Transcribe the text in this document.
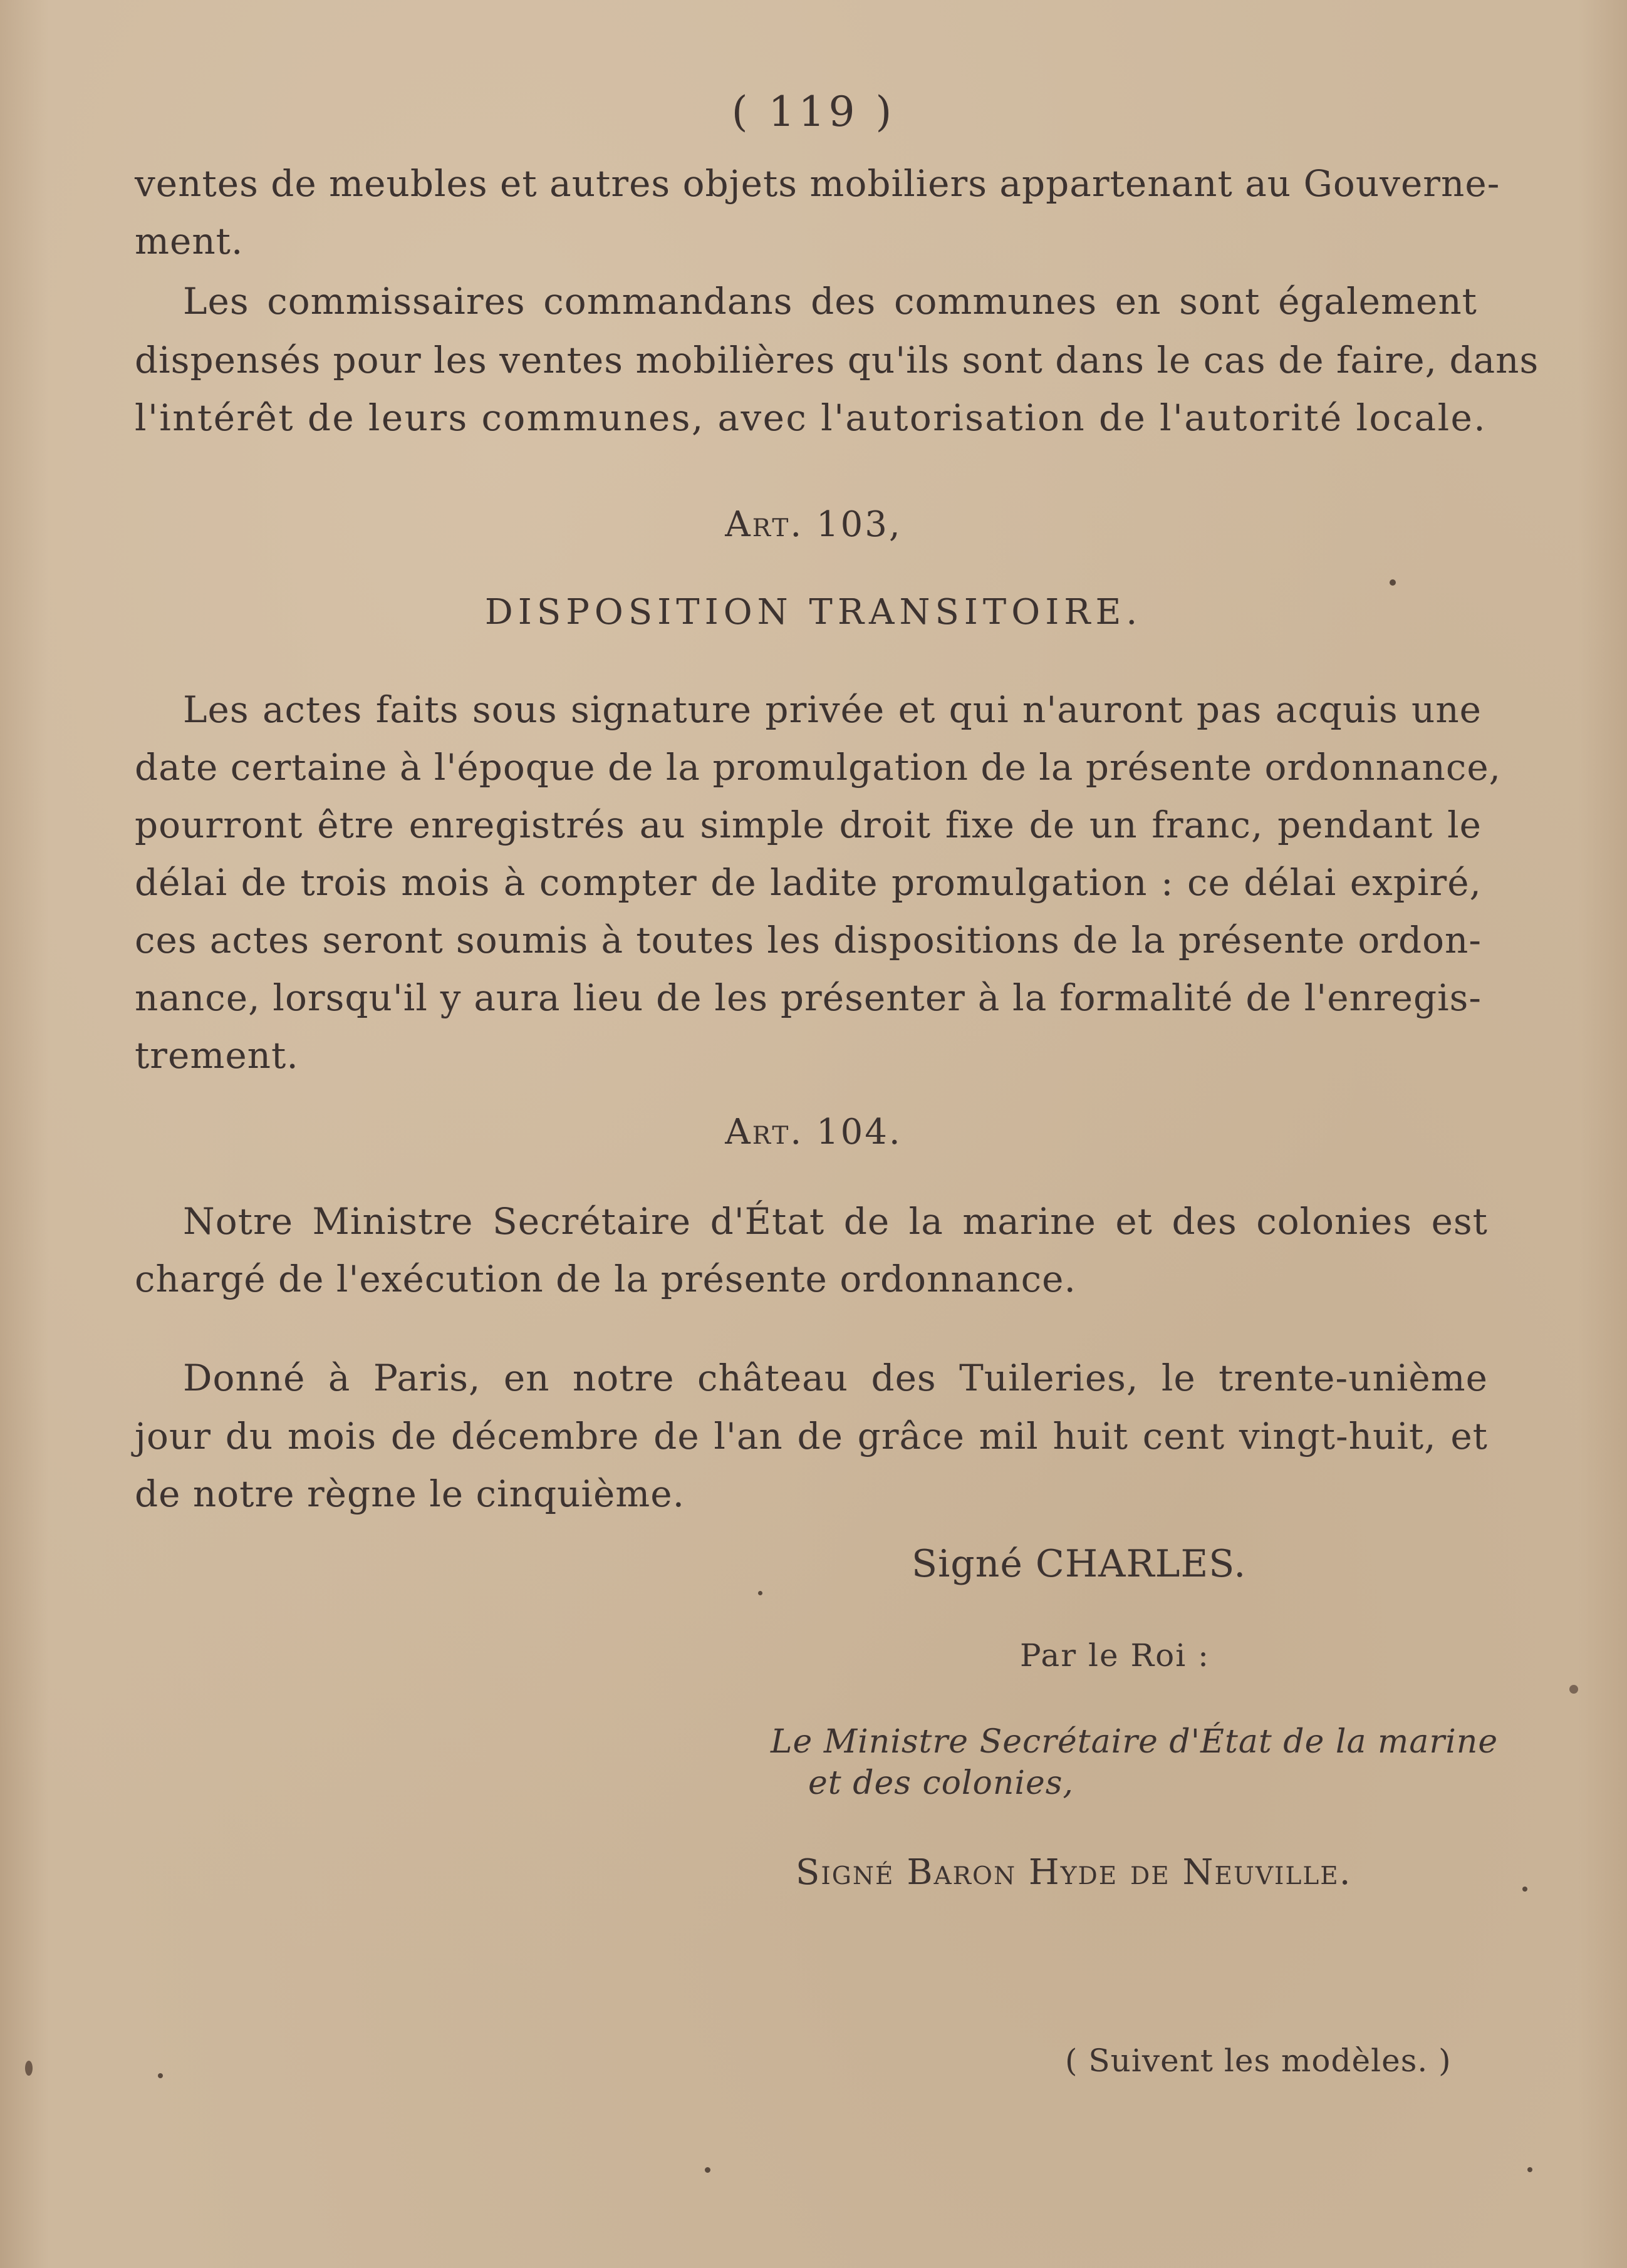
( 119 )
ventes de meubles et autres objets mobiliers appartenant au Gouverne-
ment.
Les commissaires commandans des communes en sont également
dispensés pour les ventes mobilières qu'ils sont dans le cas de faire, dans
l'intérêt de leurs communes, avec l'autorisation de l'autorité locale.
Art. 103,
DISPOSITION TRANSITOIRE.
Les actes faits sous signature privée et qui n'auront pas acquis une
date certaine à l'époque de la promulgation de la présente ordonnance,
pourront être enregistrés au simple droit fixe de un franc, pendant le
délai de trois mois à compter de ladite promulgation : ce délai expiré,
ces actes seront soumis à toutes les dispositions de la présente ordon-
nance, lorsqu'il y aura lieu de les présenter à la formalité de l'enregis-
trement.
Art. 104.
Notre Ministre Secrétaire d'État de la marine et des colonies est
chargé de l'exécution de la présente ordonnance.
Donné à Paris, en notre château des Tuileries, le trente-unième
jour du mois de décembre de l'an de grâce mil huit cent vingt-huit, et
de notre règne le cinquième.
Signé CHARLES.
Par le Roi :
Le Ministre Secrétaire d'État de la marine
et des colonies,
Signé Baron Hyde de Neuville.
( Suivent les modèles. )
